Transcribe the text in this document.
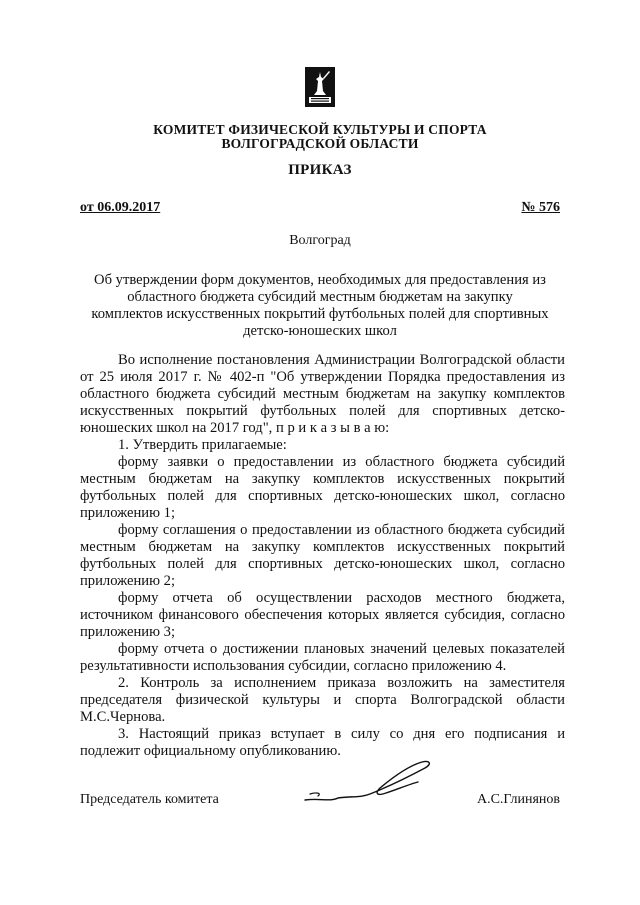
КОМИТЕТ ФИЗИЧЕСКОЙ КУЛЬТУРЫ И СПОРТА
ВОЛГОГРАДСКОЙ ОБЛАСТИ
ПРИКАЗ
от 06.09.2017	№ 576
Волгоград
Об утверждении форм документов, необходимых для предоставления из областного бюджета субсидий местным бюджетам на закупку комплектов искусственных покрытий футбольных полей для спортивных детско-юношеских школ

Во исполнение постановления Администрации Волгоградской области от 25 июля 2017 г. № 402-п "Об утверждении Порядка предоставления из областного бюджета субсидий местным бюджетам на закупку комплектов искусственных покрытий футбольных полей для спортивных детско-юношеских школ на 2017 год", п р и к а з ы в а ю:

1. Утвердить прилагаемые:

форму заявки о предоставлении из областного бюджета субсидий местным бюджетам на закупку комплектов искусственных покрытий футбольных полей для спортивных детско-юношеских школ, согласно приложению 1;

форму соглашения о предоставлении из областного бюджета субсидий местным бюджетам на закупку комплектов искусственных покрытий футбольных полей для спортивных детско-юношеских школ, согласно приложению 2;

форму отчета об осуществлении расходов местного бюджета, источником финансового обеспечения которых является субсидия, согласно приложению 3;

форму отчета о достижении плановых значений целевых показателей результативности использования субсидии, согласно приложению 4.

2. Контроль за исполнением приказа возложить на заместителя председателя физической культуры и спорта Волгоградской области М.С.Чернова.

3. Настоящий приказ вступает в силу со дня его подписания и подлежит официальному опубликованию.

Председатель комитета	А.С.Глинянов
